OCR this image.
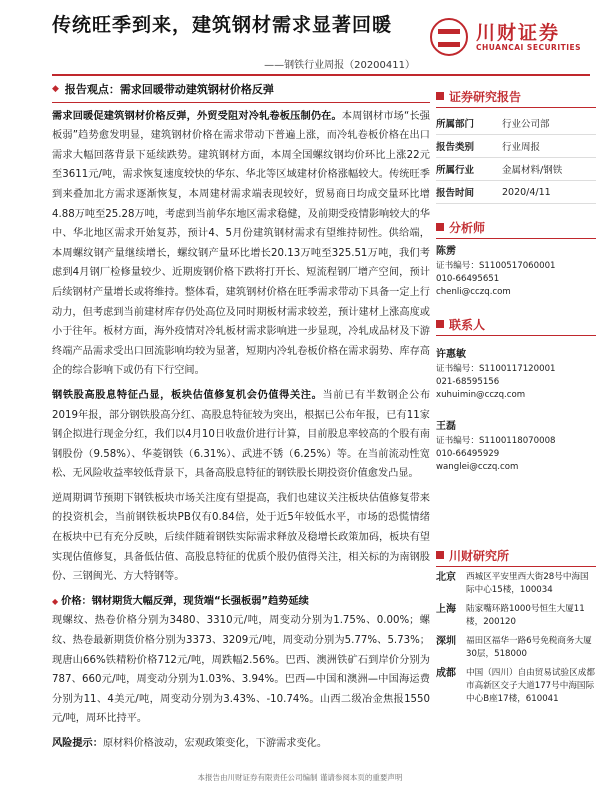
传统旺季到来，建筑钢材需求显著回暖
——钢铁行业周报（20200411）
川财证券
CHUANCAI SECURITIES
◆ 报告观点：需求回暖带动建筑钢材价格反弹

需求回暖促建筑钢材价格反弹，外贸受阻对冷轧卷板压制仍在。本周钢材市场“长强板弱”趋势愈发明显，建筑钢材价格在需求带动下普遍上涨，而冷轧卷板价格在出口需求大幅回落背景下延续跌势。建筑钢材方面，本周全国螺纹钢均价环比上涨22元至3611元/吨，需求恢复速度较快的华东、华北等区域建材价格涨幅较大。传统旺季到来叠加北方需求逐渐恢复，本周建材需求端表现较好，贸易商日均成交量环比增4.88万吨至25.28万吨，考虑到当前华东地区需求稳健，及前期受疫情影响较大的华中、华北地区需求开始复苏，预计4、5月份建筑钢材需求有望维持韧性。供给端，本周螺纹钢产量继续增长，螺纹钢产量环比增长20.13万吨至325.51万吨，我们考虑到4月钢厂检修量较少、近期废钢价格下跌将打开长、短流程钢厂增产空间，预计后续钢材产量增长或将维持。整体看，建筑钢材价格在旺季需求带动下具备一定上行动力，但考虑到当前建材库存仍处高位及同时期板材需求较差，预计建材上涨高度或小于往年。板材方面，海外疫情对冷轧板材需求影响进一步显现，冷轧成品材及下游终端产品需求受出口回流影响均较为显著，短期内冷轧卷板价格在需求弱势、库存高企的综合影响下或仍有下行空间。

钢铁股高股息特征凸显，板块估值修复机会仍值得关注。当前已有半数钢企公布2019年报，部分钢铁股高分红、高股息特征较为突出，根据已公布年报，已有11家钢企拟进行现金分红，我们以4月10日收盘价进行计算，目前股息率较高的个股有南钢股份（9.58%）、华菱钢铁（6.31%）、武进不锈（6.25%）等。在当前流动性宽松、无风险收益率较低背景下，具备高股息特征的钢铁股长期投资价值愈发凸显。

逆周期调节预期下钢铁板块市场关注度有望提高，我们也建议关注板块估值修复带来的投资机会，当前钢铁板块PB仅有0.84倍，处于近5年较低水平，市场的恐慌情绪在板块中已有充分反映，后续伴随着钢铁实际需求释放及稳增长政策加码，板块有望实现估值修复，具备低估值、高股息特征的优质个股仍值得关注，相关标的为南钢股份、三钢闽光、方大特钢等。

◆ 价格：钢材期货大幅反弹，现货端“长强板弱”趋势延续
现螺纹、热卷价格分别为3480、3310元/吨，周变动分别为1.75%、0.00%；螺纹、热卷最新期货价格分别为3373、3209元/吨，周变动分别为5.77%、5.73%；现唐山66%铁精粉价格712元/吨，周跌幅2.56%。巴西、澳洲铁矿石到岸价分别为787、660元/吨，周变动分别为1.03%、3.94%。巴西—中国和澳洲—中国海运费分别为11、4美元/吨，周变动分别为3.43%、-10.74%。山西二级冶金焦报1550元/吨，周环比持平。

风险提示：原材料价格波动，宏观政策变化，下游需求变化。

证券研究报告
所属部门	行业公司部
报告类别	行业周报
所属行业	金属材料/钢铁
报告时间	2020/4/11
分析师
陈雳
证书编号：S1100517060001
010-66495651
chenli@cczq.com
联系人
许惠敏
证书编号：S1100117120001
021-68595156
xuhuimin@cczq.com
王磊
证书编号：S1100118070008
010-66495929
wanglei@cczq.com
川财研究所
北京	西城区平安里西大街28号中海国际中心15楼，100034
上海	陆家嘴环路1000号恒生大厦11楼，200120
深圳	福田区福华一路6号免税商务大厦30层，518000
成都	中国（四川）自由贸易试验区成都市高新区交子大道177号中海国际中心B座17楼，610041
本报告由川财证券有限责任公司编制 谨请参阅本页的重要声明
